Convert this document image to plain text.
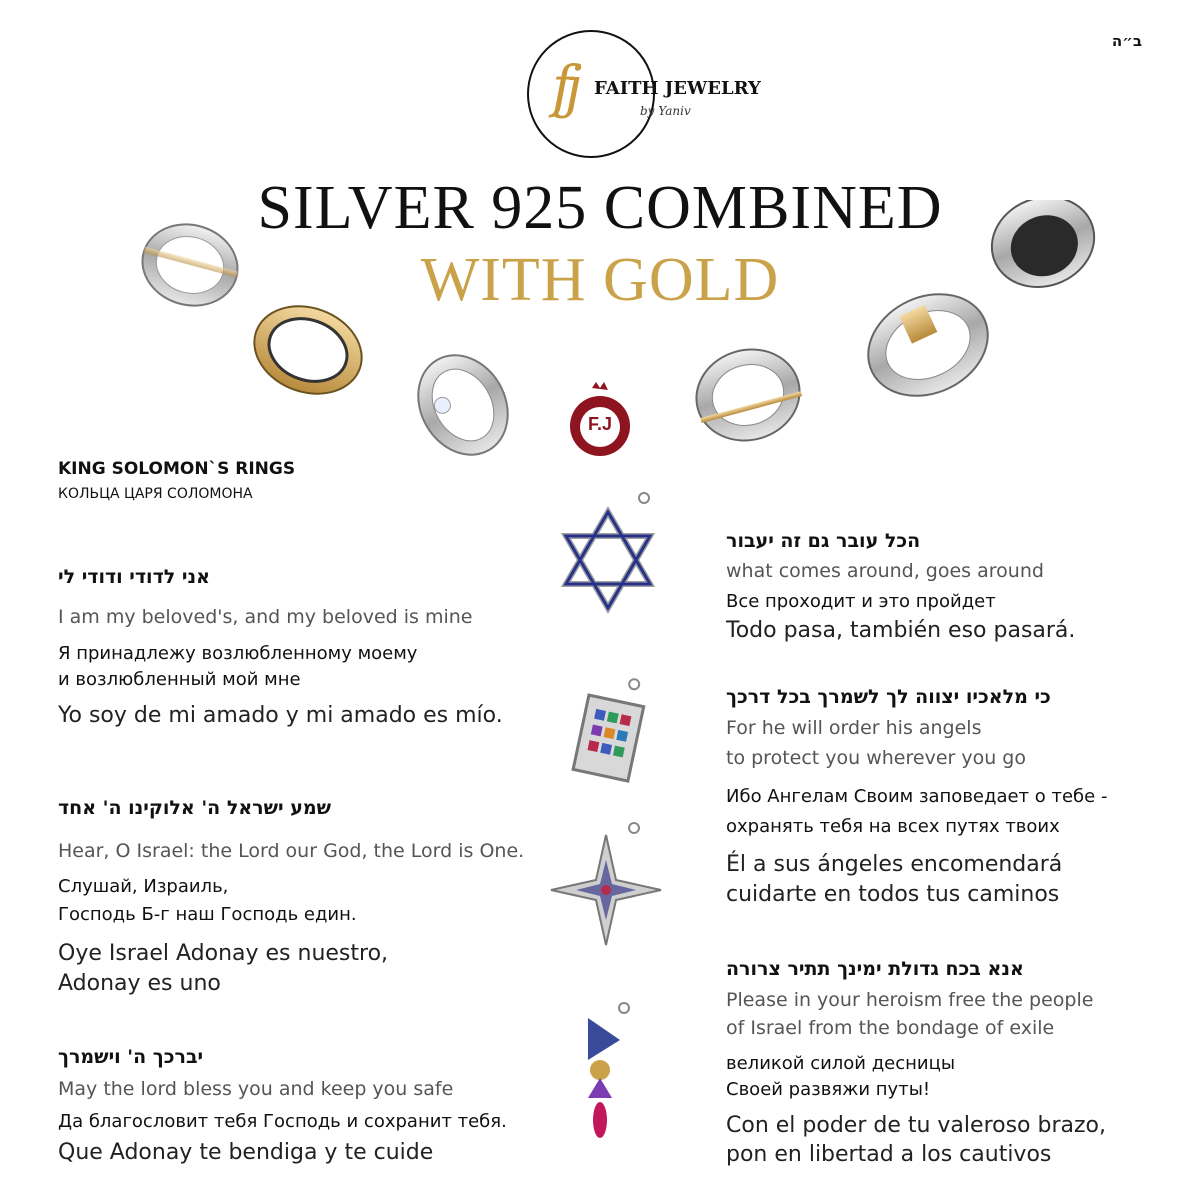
ב״ה
fj FAITH JEWELRY
by Yaniv
SILVER 925 COMBINED
WITH GOLD
F.J
KING SOLOMON`S RINGS
КОЛЬЦА ЦАРЯ СОЛОМОНА
אני לדודי ודודי לי
I am my beloved's, and my beloved is mine
Я принадлежу возлюбленному моему
и возлюбленный мой мне
Yo soy de mi amado y mi amado es mío.
שמע ישראל ה' אלוקינו ה' אחד
Hear, O Israel: the Lord our God, the Lord is One.
Слушай, Израиль,
Господь Б-г наш Господь един.
Oye Israel Adonay es nuestro,
Adonay es uno
יברכך ה' וישמרך
May the lord bless you and keep you safe
Да благословит тебя Господь и сохранит тебя.
Que Adonay te bendiga y te cuide
הכל עובר גם זה יעבור
what comes around, goes around
Все проходит и это пройдет
Todo pasa, también eso pasará.
כי מלאכיו יצווה לך לשמרך בכל דרכך
For he will order his angels
to protect you wherever you go
Ибо Ангелам Своим заповедает о тебе -
охранять тебя на всех путях твоих
Él a sus ángeles encomendará
cuidarte en todos tus caminos
אנא בכח גדולת ימינך תתיר צרורה
Please in your heroism free the people
of Israel from the bondage of exile
великой силой десницы
Своей развяжи путы!
Con el poder de tu valeroso brazo,
pon en libertad a los cautivos
